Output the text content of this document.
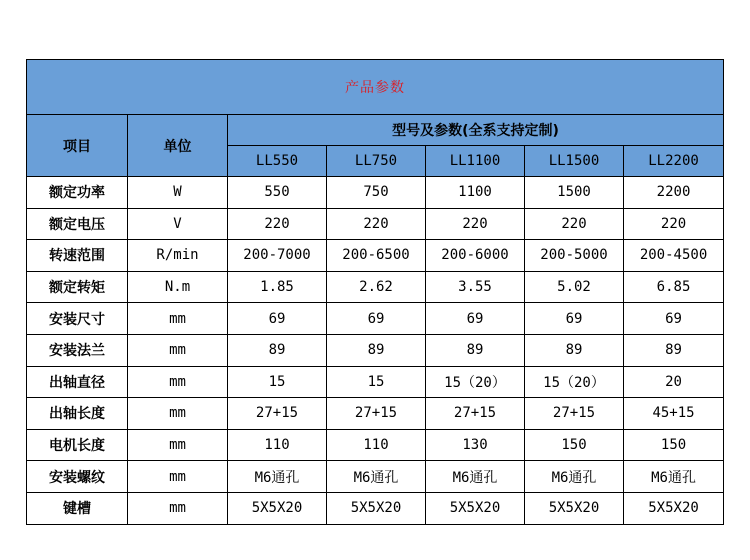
产品参数						
项目	单位	型号及参数(全系支持定制)				
		LL550	LL750	LL1100	LL1500	LL2200
额定功率	W	550	750	1100	1500	2200
额定电压	V	220	220	220	220	220
转速范围	R/min	200-7000	200-6500	200-6000	200-5000	200-4500
额定转矩	N.m	1.85	2.62	3.55	5.02	6.85
安装尺寸	mm	69	69	69	69	69
安装法兰	mm	89	89	89	89	89
出轴直径	mm	15	15	15（20）	15（20）	20
出轴长度	mm	27+15	27+15	27+15	27+15	45+15
电机长度	mm	110	110	130	150	150
安装螺纹	mm	M6通孔	M6通孔	M6通孔	M6通孔	M6通孔
键槽	mm	5X5X20	5X5X20	5X5X20	5X5X20	5X5X20
